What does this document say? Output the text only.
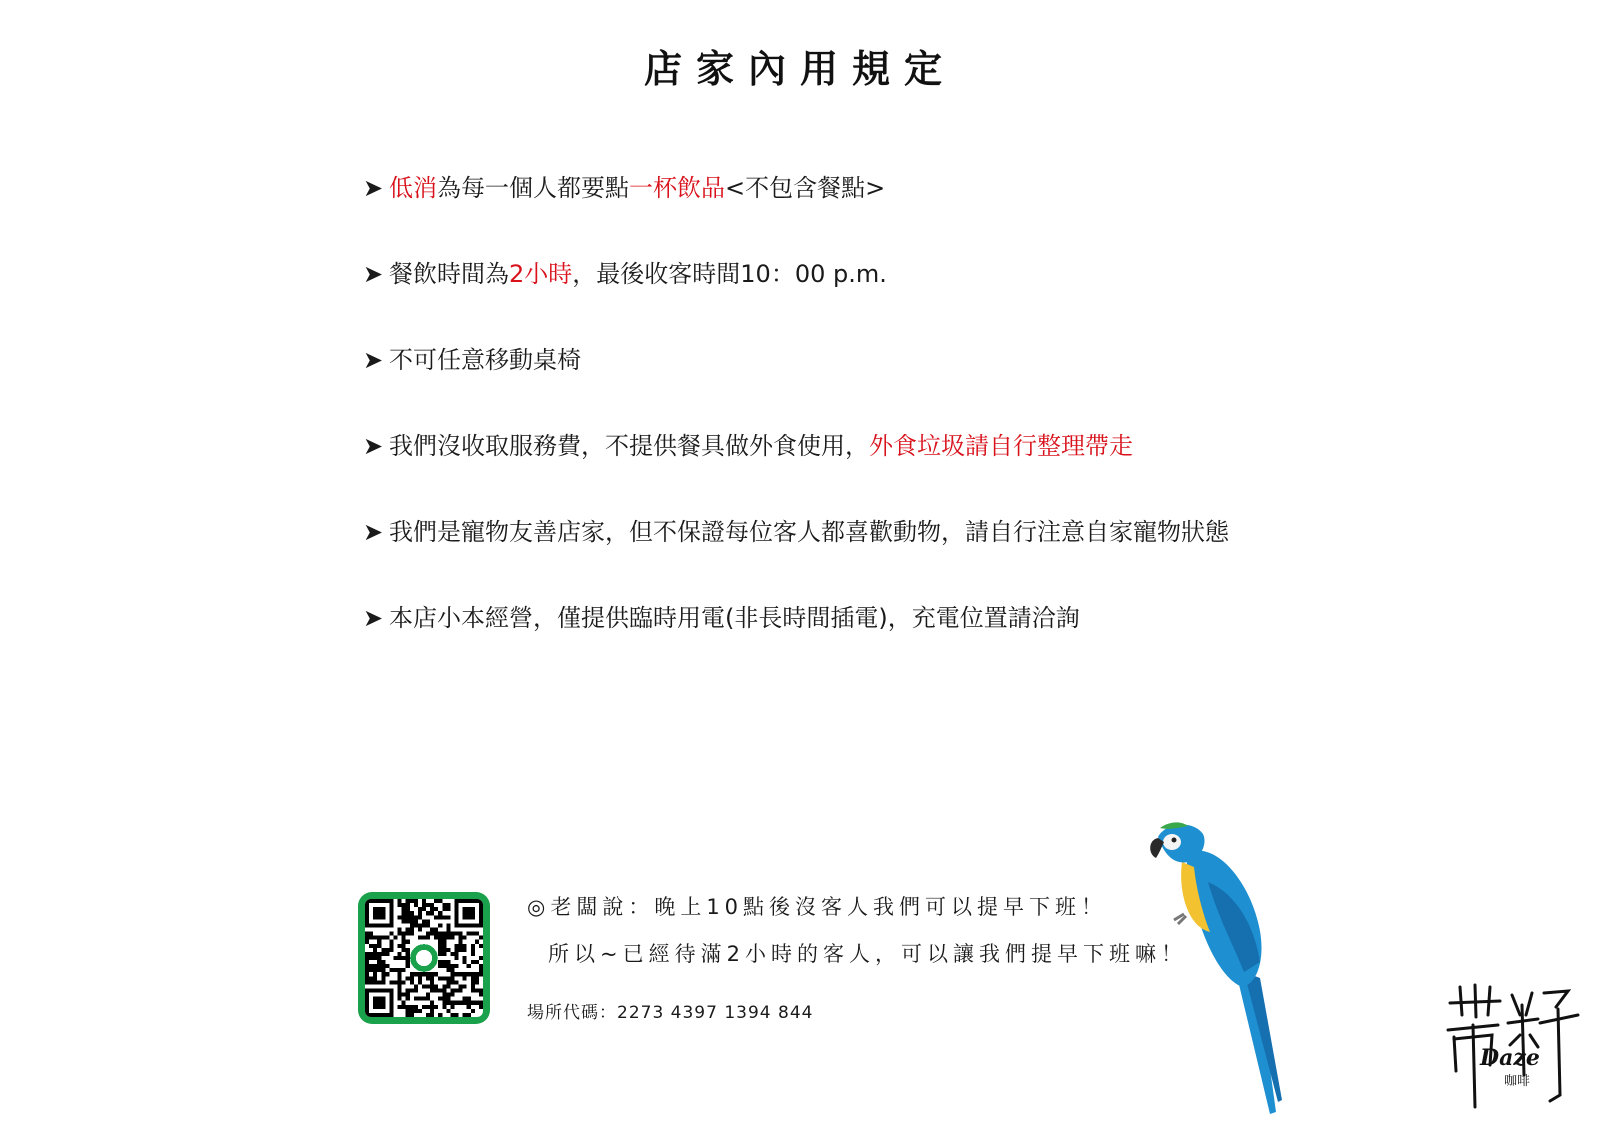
店家內用規定
➤ 低消為每一個人都要點一杯飲品<不包含餐點>
➤ 餐飲時間為2小時，最後收客時間10：00 p.m.
➤ 不可任意移動桌椅
➤ 我們沒收取服務費，不提供餐具做外食使用，外食垃圾請自行整理帶走
➤ 我們是寵物友善店家，但不保證每位客人都喜歡動物，請自行注意自家寵物狀態
➤ 本店小本經營，僅提供臨時用電(非長時間插電)，充電位置請洽詢
◎老闆說：晚上10點後沒客人我們可以提早下班！
所以~已經待滿2小時的客人，可以讓我們提早下班嘛！
場所代碼：2273 4397 1394 844
Daze
咖啡
